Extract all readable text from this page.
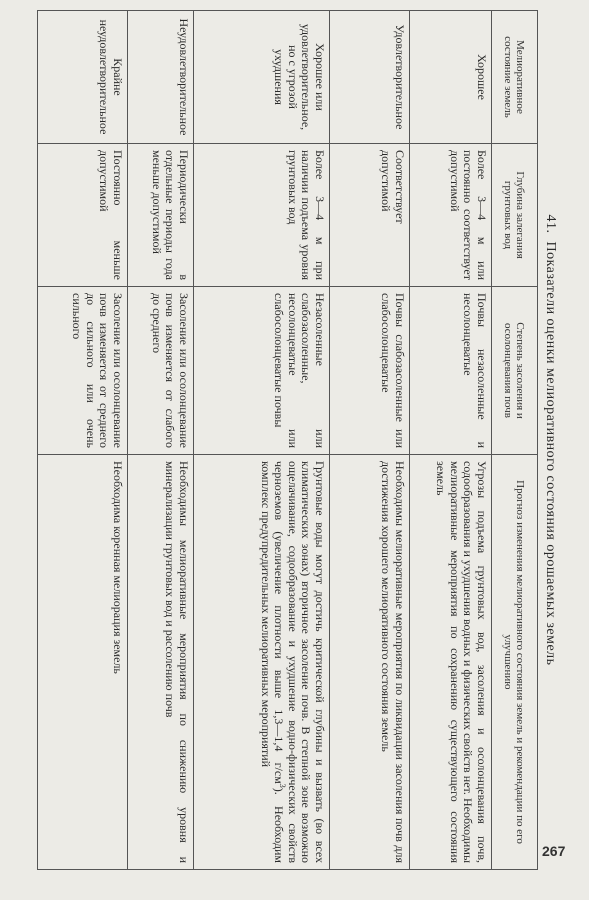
41.Показатели оценки мелиоративного состояния орошаемых земель
Мелиоративное состояние земель	Глубина залегания грунтовых вод	Степень засоления и осолонцевания почв	Прогноз изменения мелиоративного состояния земель и рекомендации по его улучшению
Хорошее	Более 3—4 м или постоянно соответствует допустимой	Почвы незасоленные и несолонцеватые	Угрозы подъема грунтовых вод, засоления и осолонцевания почв, содообразования и ухудшения водных и физических свойств нет. Необходимы мелиоративные мероприятия по сохранению существующего состояния земель
Удовлетворительное	Соответствует допустимой	Почвы слабозасоленные или слабосолонцеватые	Необходимы мелиоративные мероприятия по ликвидации засоления почв для достижения хорошего мелиоративного состояния земель
Хорошее или удовлетворительное, но с угрозой ухудшения	Более 3—4 м при наличии подъема уровня грунтовых вод	Незасоленные или слабозасоленные, несолонцеватые или слабосолонцеватые почвы	Грунтовые воды могут достичь критической глубины и вызвать (во всех климатических зонах) вторичное засоление почв. В степной зоне возможно ощелачивание, содообразование и ухудшение водно-физических свойств черноземов (увеличение плотности выше 1,3—1,4 $г/см^3$). Необходим комплекс предупредительных мелиоративных мероприятий
Неудовлетворительное	Периодически в отдельные периоды года меньше допустимой	Засоление или осолонцевание почв изменяется от слабого до среднего	Необходимы мелиоративные мероприятия по снижению уровня и минерализации грунтовых вод и рассолению почв
Крайне неудовлетворительное	Постоянно меньше допустимой	Засоление или осолонцевание почв изменяется от среднего до сильного или очень сильного	Необходима коренная мелиорация земель
267
